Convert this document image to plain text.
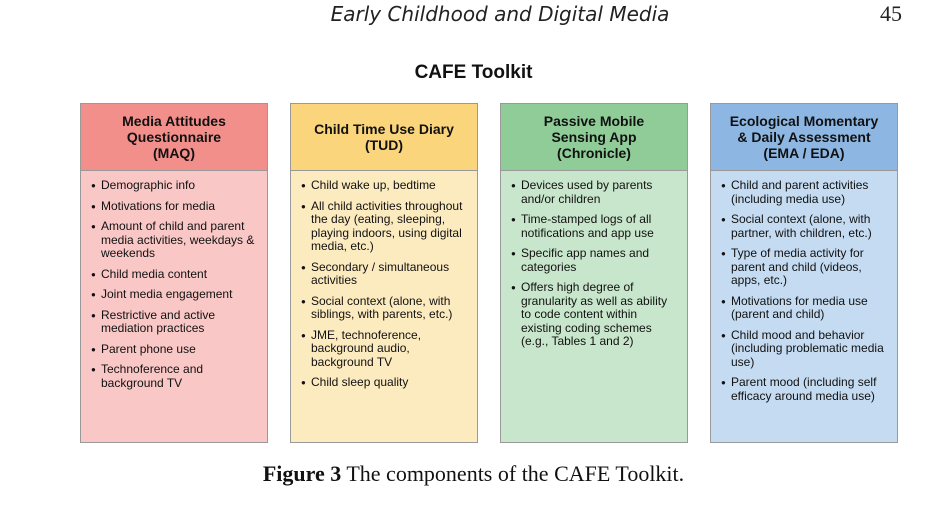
Early Childhood and Digital Media	45
CAFE Toolkit
Media Attitudes
Questionnaire
(MAQ)
● Demographic info
● Motivations for media
● Amount of child and parent media activities, weekdays & weekends
● Child media content
● Joint media engagement
● Restrictive and active mediation practices
● Parent phone use
● Technoference and background TV
Child Time Use Diary
(TUD)
● Child wake up, bedtime
● All child activities throughout the day (eating, sleeping, playing indoors, using digital media, etc.)
● Secondary / simultaneous activities
● Social context (alone, with siblings, with parents, etc.)
● JME, technoference, background audio, background TV
● Child sleep quality
Passive Mobile
Sensing App
(Chronicle)
● Devices used by parents and/or children
● Time-stamped logs of all notifications and app use
● Specific app names and categories
● Offers high degree of granularity as well as ability to code content within existing coding schemes (e.g., Tables 1 and 2)
Ecological Momentary
& Daily Assessment
(EMA / EDA)
● Child and parent activities (including media use)
● Social context (alone, with partner, with children, etc.)
● Type of media activity for parent and child (videos, apps, etc.)
● Motivations for media use (parent and child)
● Child mood and behavior (including problematic media use)
● Parent mood (including self efficacy around media use)
Figure 3 The components of the CAFE Toolkit.
